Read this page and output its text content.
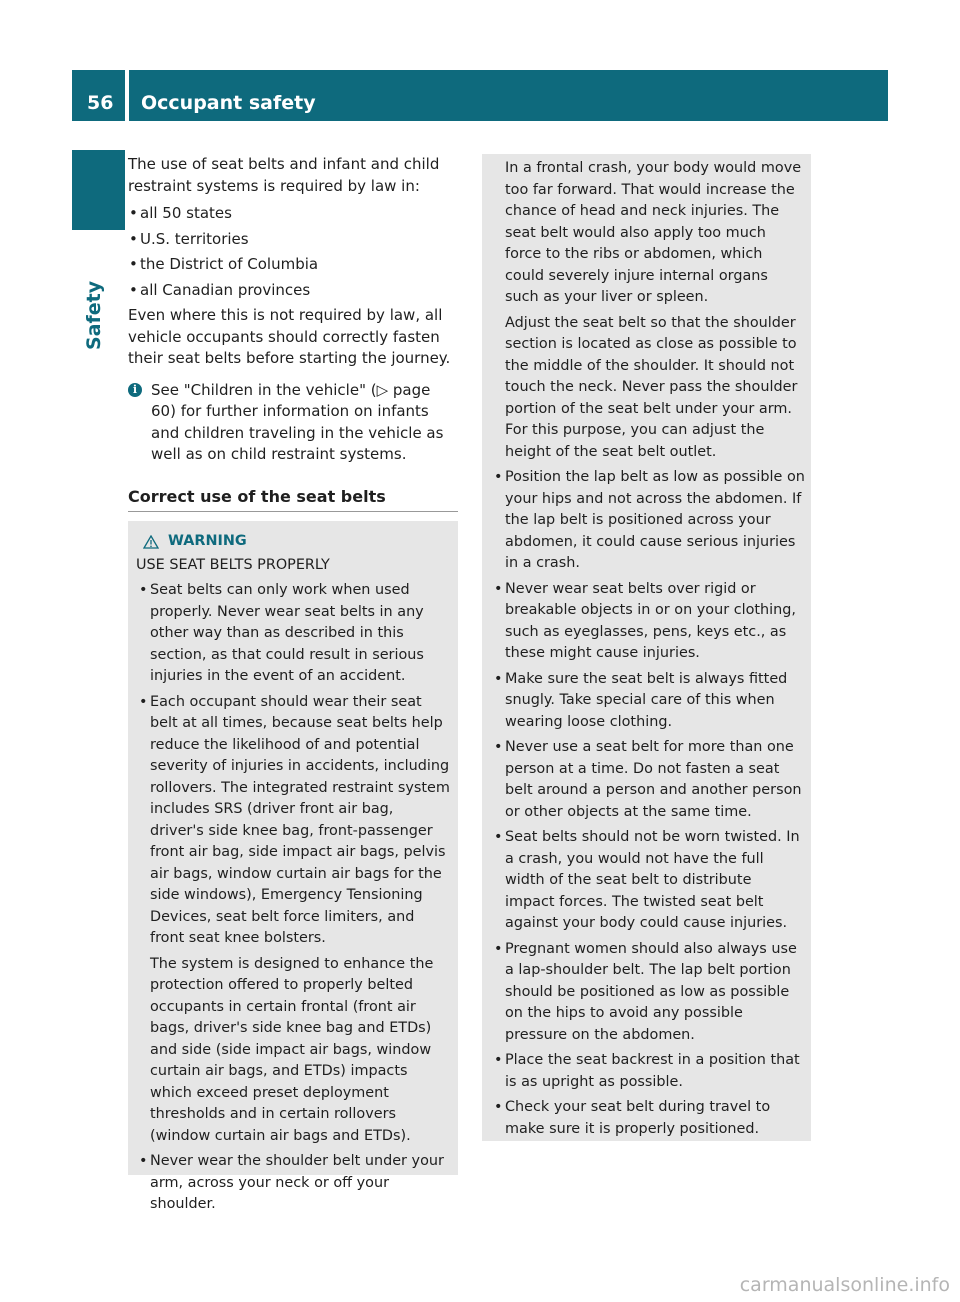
56	Occupant safety
Safety

The use of seat belts and infant and child restraint systems is required by law in:

• all 50 states
• U.S. territories
• the District of Columbia
• all Canadian provinces

Even where this is not required by law, all vehicle occupants should correctly fasten their seat belts before starting the journey.

i See "Children in the vehicle" (▷ page 60) for further information on infants and children traveling in the vehicle as well as on child restraint systems.
Correct use of the seat belts
WARNING
USE SEAT BELTS PROPERLY

• Seat belts can only work when used properly. Never wear seat belts in any other way than as described in this section, as that could result in serious injuries in the event of an accident.

• Each occupant should wear their seat belt at all times, because seat belts help reduce the likelihood of and potential severity of injuries in accidents, including rollovers. The integrated restraint system includes SRS (driver front air bag, driver's side knee bag, front-passenger front air bag, side impact air bags, pelvis air bags, window curtain air bags for the side windows), Emergency Tensioning Devices, seat belt force limiters, and front seat knee bolsters.

The system is designed to enhance the protection offered to properly belted occupants in certain frontal (front air bags, driver's side knee bag and ETDs) and side (side impact air bags, window curtain air bags, and ETDs) impacts which exceed preset deployment thresholds and in certain rollovers (window curtain air bags and ETDs).

• Never wear the shoulder belt under your arm, across your neck or off your shoulder.

In a frontal crash, your body would move too far forward. That would increase the chance of head and neck injuries. The seat belt would also apply too much force to the ribs or abdomen, which could severely injure internal organs such as your liver or spleen.

Adjust the seat belt so that the shoulder section is located as close as possible to the middle of the shoulder. It should not touch the neck. Never pass the shoulder portion of the seat belt under your arm. For this purpose, you can adjust the height of the seat belt outlet.

• Position the lap belt as low as possible on your hips and not across the abdomen. If the lap belt is positioned across your abdomen, it could cause serious injuries in a crash.
• Never wear seat belts over rigid or breakable objects in or on your clothing, such as eyeglasses, pens, keys etc., as these might cause injuries.
• Make sure the seat belt is always fitted snugly. Take special care of this when wearing loose clothing.
• Never use a seat belt for more than one person at a time. Do not fasten a seat belt around a person and another person or other objects at the same time.
• Seat belts should not be worn twisted. In a crash, you would not have the full width of the seat belt to distribute impact forces. The twisted seat belt against your body could cause injuries.
• Pregnant women should also always use a lap-shoulder belt. The lap belt portion should be positioned as low as possible on the hips to avoid any possible pressure on the abdomen.
• Place the seat backrest in a position that is as upright as possible.
• Check your seat belt during travel to make sure it is properly positioned.
carmanualsonline.info
